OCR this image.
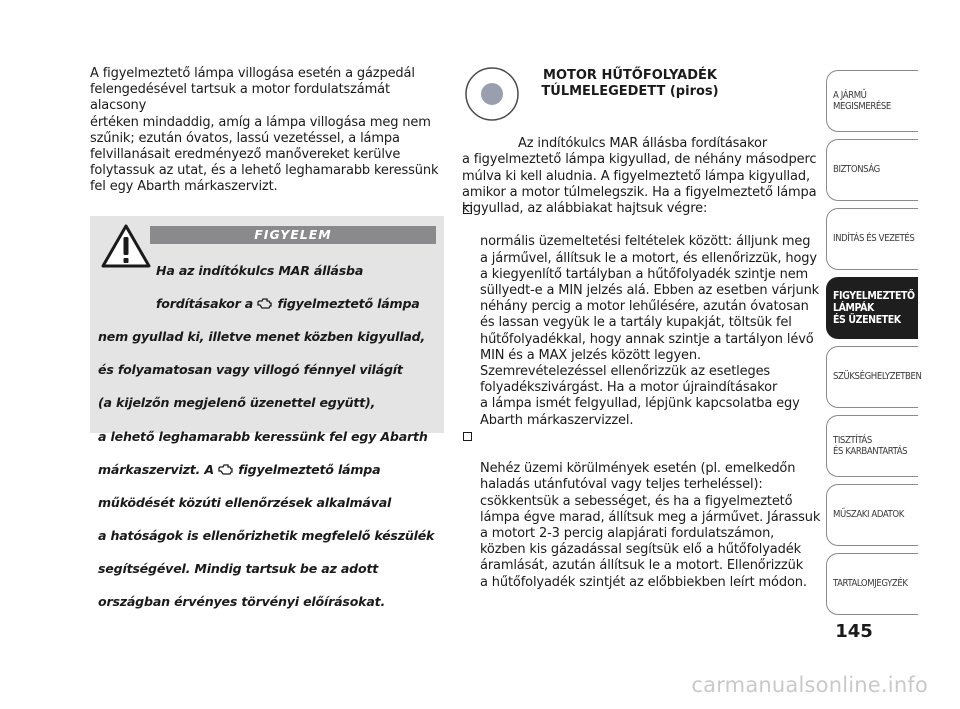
A figyelmeztető lámpa villogása esetén a gázpedál
felengedésével tartsuk a motor fordulatszámát alacsony
értéken mindaddig, amíg a lámpa villogása meg nem
szűnik; ezután óvatos, lassú vezetéssel, a lámpa
felvillanásait eredményező manővereket kerülve
folytassuk az utat, és a lehető leghamarabb keressünk
fel egy Abarth márkaszervizt.
FIGYELEM

Ha az indítókulcs MAR állásba

fordításakor a figyelmeztető lámpa

nem gyullad ki, illetve menet közben kigyullad,

és folyamatosan vagy villogó fénnyel világít

(a kijelzőn megjelenő üzenettel együtt),

a lehető leghamarabb keressünk fel egy Abarth

márkaszervizt. A figyelmeztető lámpa

működését közúti ellenőrzések alkalmával

a hatóságok is ellenőrizhetik megfelelő készülék

segítségével. Mindig tartsuk be az adott

országban érvényes törvényi előírásokat.

MOTOR HŰTŐFOLYADÉK
TÚLMELEGEDETT (piros)

Az indítókulcs MAR állásba fordításakor
a figyelmeztető lámpa kigyullad, de néhány másodperc
múlva ki kell aludnia. A figyelmeztető lámpa kigyullad,
amikor a motor túlmelegszik. Ha a figyelmeztető lámpa
kigyullad, az alábbiakat hajtsuk végre:

normális üzemeltetési feltételek között: álljunk meg
a járművel, állítsuk le a motort, és ellenőrizzük, hogy
a kiegyenlítő tartályban a hűtőfolyadék szintje nem
süllyedt-e a MIN jelzés alá. Ebben az esetben várjunk
néhány percig a motor lehűlésére, azután óvatosan
és lassan vegyük le a tartály kupakját, töltsük fel
hűtőfolyadékkal, hogy annak szintje a tartályon lévő
MIN és a MAX jelzés között legyen.
Szemrevételezéssel ellenőrizzük az esetleges
folyadékszivárgást. Ha a motor újraindításakor
a lámpa ismét felgyullad, lépjünk kapcsolatba egy
Abarth márkaszervizzel.

Nehéz üzemi körülmények esetén (pl. emelkedőn
haladás utánfutóval vagy teljes terheléssel):
csökkentsük a sebességet, és ha a figyelmeztető
lámpa égve marad, állítsuk meg a járművet. Járassuk
a motort 2-3 percig alapjárati fordulatszámon,
közben kis gázadással segítsük elő a hűtőfolyadék
áramlását, azután állítsuk le a motort. Ellenőrizzük
a hűtőfolyadék szintjét az előbbiekben leírt módon.

A JÁRMŰ
MEGISMERÉSE
BIZTONSÁG
INDÍTÁS ÉS VEZETÉS
FIGYELMEZTETŐ
LÁMPÁK
ÉS ÜZENETEK
SZÜKSÉGHELYZETBEN
TISZTÍTÁS
ÉS KARBANTARTÁS
MŰSZAKI ADATOK
TARTALOMJEGYZÉK
145
carmanualsonline.info
